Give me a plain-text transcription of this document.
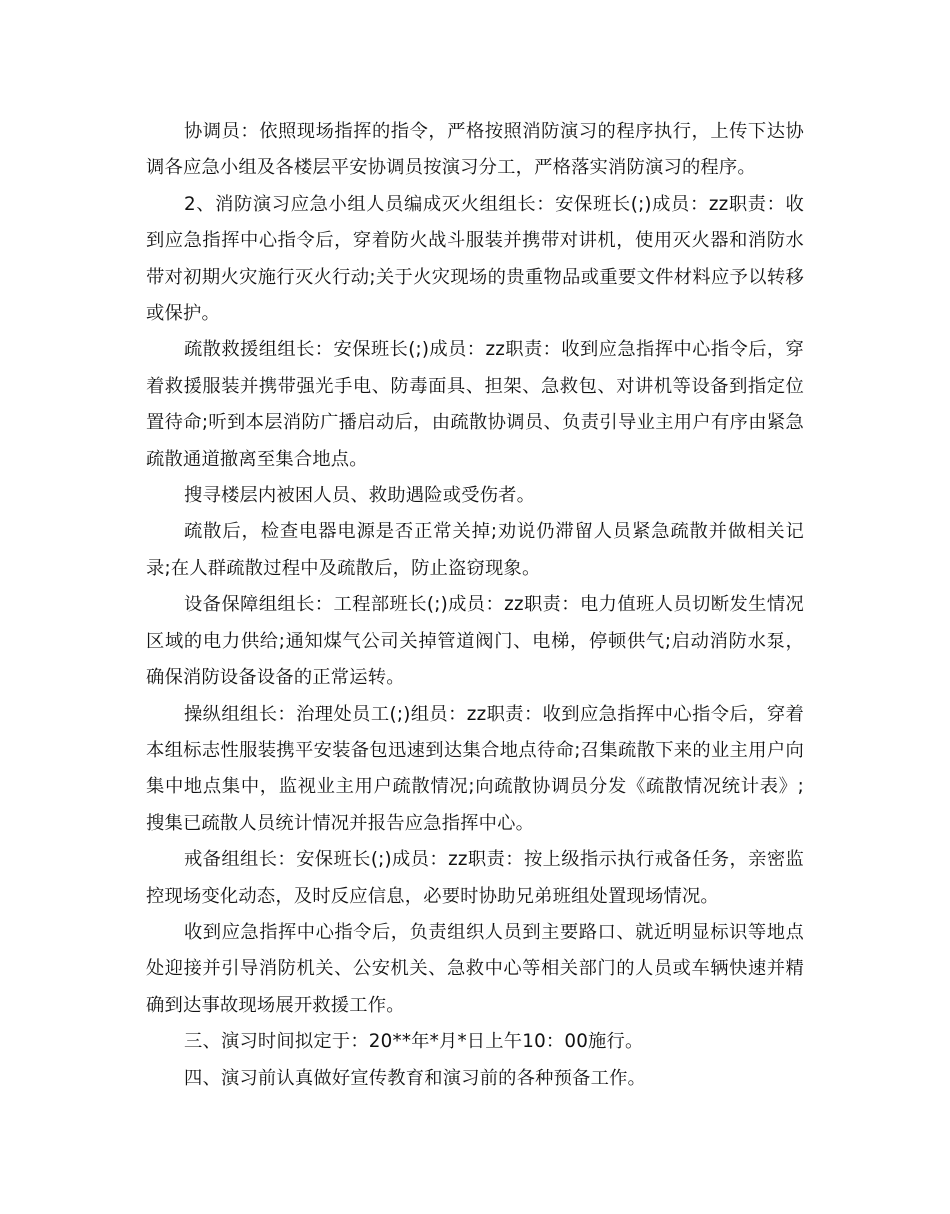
协调员：依照现场指挥的指令，严格按照消防演习的程序执行，上传下达协调各应急小组及各楼层平安协调员按演习分工，严格落实消防演习的程序。

2、消防演习应急小组人员编成灭火组组长：安保班长(;)成员：zz职责：收到应急指挥中心指令后，穿着防火战斗服装并携带对讲机，使用灭火器和消防水带对初期火灾施行灭火行动;关于火灾现场的贵重物品或重要文件材料应予以转移或保护。

疏散救援组组长：安保班长(;)成员：zz职责：收到应急指挥中心指令后，穿着救援服装并携带强光手电、防毒面具、担架、急救包、对讲机等设备到指定位置待命;听到本层消防广播启动后，由疏散协调员、负责引导业主用户有序由紧急疏散通道撤离至集合地点。

搜寻楼层内被困人员、救助遇险或受伤者。

疏散后，检查电器电源是否正常关掉;劝说仍滞留人员紧急疏散并做相关记录;在人群疏散过程中及疏散后，防止盗窃现象。

设备保障组组长：工程部班长(;)成员：zz职责：电力值班人员切断发生情况区域的电力供给;通知煤气公司关掉管道阀门、电梯，停顿供气;启动消防水泵，确保消防设备设备的正常运转。

操纵组组长：治理处员工(;)组员：zz职责：收到应急指挥中心指令后，穿着本组标志性服装携平安装备包迅速到达集合地点待命;召集疏散下来的业主用户向集中地点集中，监视业主用户疏散情况;向疏散协调员分发《疏散情况统计表》;搜集已疏散人员统计情况并报告应急指挥中心。

戒备组组长：安保班长(;)成员：zz职责：按上级指示执行戒备任务，亲密监控现场变化动态，及时反应信息，必要时协助兄弟班组处置现场情况。

收到应急指挥中心指令后，负责组织人员到主要路口、就近明显标识等地点处迎接并引导消防机关、公安机关、急救中心等相关部门的人员或车辆快速并精确到达事故现场展开救援工作。

三、演习时间拟定于：20**年*月*日上午10：00施行。

四、演习前认真做好宣传教育和演习前的各种预备工作。
